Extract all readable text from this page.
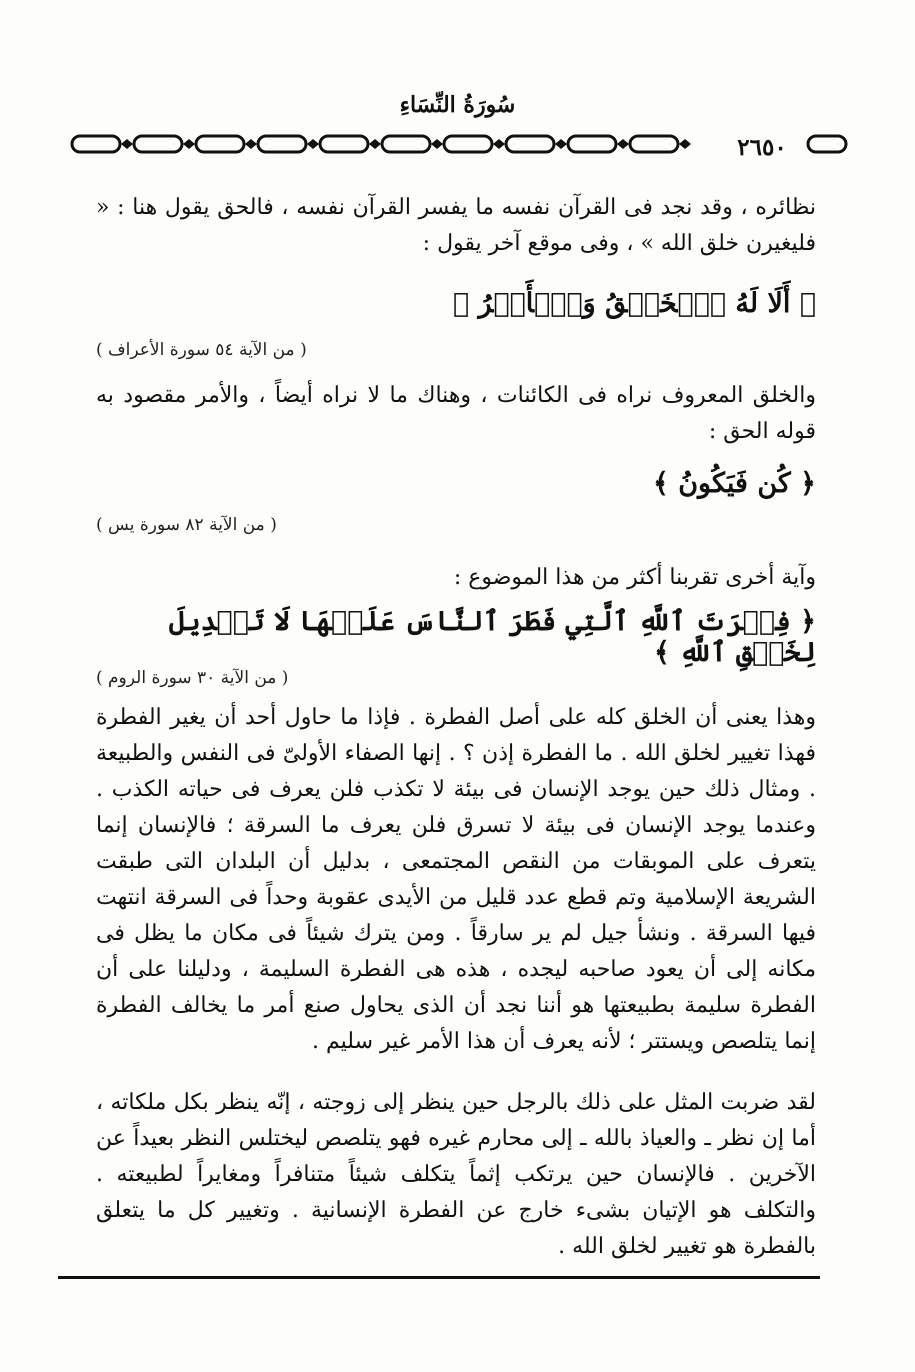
سُورَةُ النِّسَاءِ
٢٦٥٠
نظائره ، وقد نجد فى القرآن نفسه ما يفسر القرآن نفسه ، فالحق يقول هنا : « فليغيرن خلق الله » ، وفى موقع آخر يقول :
﴿ أَلَا لَهُ ٱلۡخَلۡقُ وَٱلۡأَمۡرُ ﴾
( من الآية ٥٤ سورة الأعراف )
والخلق المعروف نراه فى الكائنات ، وهناك ما لا نراه أيضاً ، والأمر مقصود به قوله الحق :
﴿ كُن فَيَكُونُ ﴾
( من الآية ٨٢ سورة يس )
وآية أخرى تقربنا أكثر من هذا الموضوع :
﴿ فِطۡرَتَ ٱللَّهِ ٱلَّتِي فَطَرَ ٱلنَّاسَ عَلَيۡهَا لَا تَبۡدِيلَ لِخَلۡقِ ٱللَّهِ ﴾
( من الآية ٣٠ سورة الروم )
وهذا يعنى أن الخلق كله على أصل الفطرة . فإذا ما حاول أحد أن يغير الفطرة فهذا تغيير لخلق الله . ما الفطرة إذن ؟ . إنها الصفاء الأولىّ فى النفس والطبيعة . ومثال ذلك حين يوجد الإنسان فى بيئة لا تكذب فلن يعرف فى حياته الكذب . وعندما يوجد الإنسان فى بيئة لا تسرق فلن يعرف ما السرقة ؛ فالإنسان إنما يتعرف على الموبقات من النقص المجتمعى ، بدليل أن البلدان التى طبقت الشريعة الإسلامية وتم قطع عدد قليل من الأيدى عقوبة وحداً فى السرقة انتهت فيها السرقة . ونشأ جيل لم ير سارقاً . ومن يترك شيئاً فى مكان ما يظل فى مكانه إلى أن يعود صاحبه ليجده ، هذه هى الفطرة السليمة ، ودليلنا على أن الفطرة سليمة بطبيعتها هو أننا نجد أن الذى يحاول صنع أمر ما يخالف الفطرة إنما يتلصص ويستتر ؛ لأنه يعرف أن هذا الأمر غير سليم .
لقد ضربت المثل على ذلك بالرجل حين ينظر إلى زوجته ، إنّه ينظر بكل ملكاته ، أما إن نظر ـ والعياذ بالله ـ إلى محارم غيره فهو يتلصص ليختلس النظر بعيداً عن الآخرين . فالإنسان حين يرتكب إثماً يتكلف شيئاً متنافراً ومغايراً لطبيعته . والتكلف هو الإتيان بشىء خارج عن الفطرة الإنسانية . وتغيير كل ما يتعلق بالفطرة هو تغيير لخلق الله .
